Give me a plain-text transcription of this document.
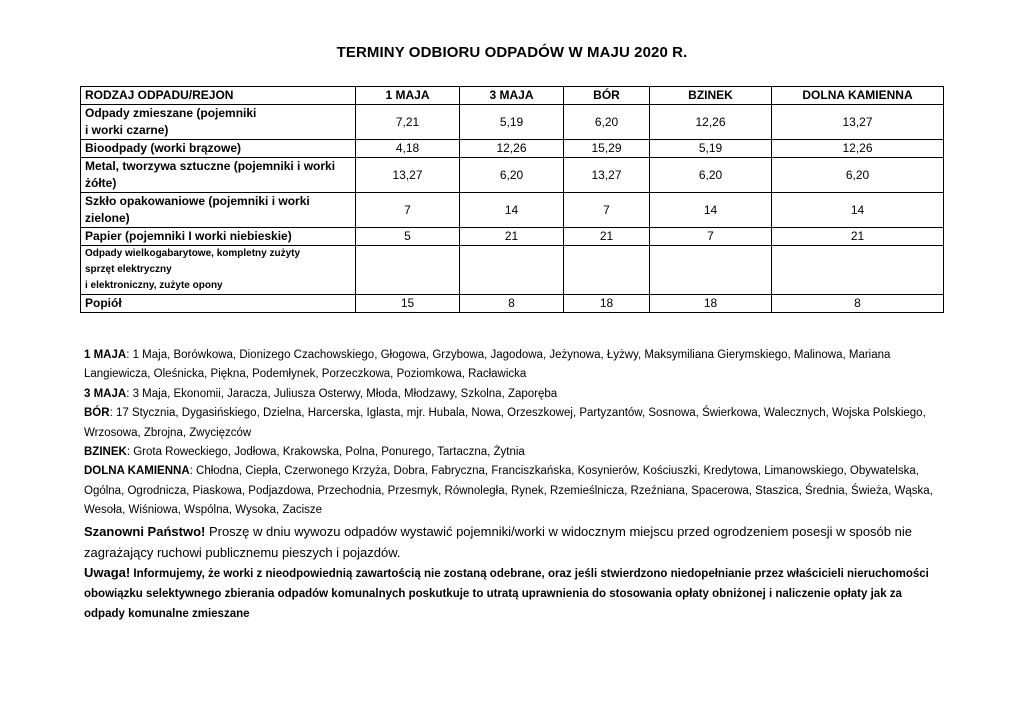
TERMINY ODBIORU ODPADÓW W MAJU 2020 R.
RODZAJ ODPADU/REJON	1 MAJA	3 MAJA	BÓR	BZINEK	DOLNA KAMIENNA

Odpady zmieszane (pojemniki
i worki czarne)	7,21	5,19	6,20	12,26	13,27

Bioodpady (worki brązowe)	4,18	12,26	15,29	5,19	12,26

Metal, tworzywa sztuczne (pojemniki i worki
żółte)	13,27	6,20	13,27	6,20	6,20

Szkło opakowaniowe (pojemniki i worki
zielone)	7	14	7	14	14

Papier (pojemniki I worki niebieskie)	5	21	21	7	21

Odpady wielkogabarytowe, kompletny zużyty
sprzęt elektryczny
i elektroniczny, zużyte opony					

Popiół	15	8	18	18	8

1 MAJA: 1 Maja, Borówkowa, Dionizego Czachowskiego, Głogowa, Grzybowa, Jagodowa, Jeżynowa, Łyżwy, Maksymiliana Gierymskiego, Malinowa, Mariana Langiewicza, Oleśnicka, Piękna, Podemłynek, Porzeczkowa, Poziomkowa, Racławicka

3 MAJA: 3 Maja, Ekonomii, Jaracza, Juliusza Osterwy, Młoda, Młodzawy, Szkolna, Zaporęba

BÓR: 17 Stycznia, Dygasińskiego, Dzielna, Harcerska, Iglasta, mjr. Hubala, Nowa, Orzeszkowej, Partyzantów, Sosnowa, Świerkowa, Walecznych, Wojska Polskiego, Wrzosowa, Zbrojna, Zwycięzców

BZINEK: Grota Roweckiego, Jodłowa, Krakowska, Polna, Ponurego, Tartaczna, Żytnia

DOLNA KAMIENNA: Chłodna, Ciepła, Czerwonego Krzyża, Dobra, Fabryczna, Franciszkańska, Kosynierów, Kościuszki, Kredytowa, Limanowskiego, Obywatelska, Ogólna, Ogrodnicza, Piaskowa, Podjazdowa, Przechodnia, Przesmyk, Równoległa, Rynek, Rzemieślnicza, Rzeźniana, Spacerowa, Staszica, Średnia, Świeża, Wąska, Wesoła, Wiśniowa, Wspólna, Wysoka, Zacisze

Szanowni Państwo! Proszę w dniu wywozu odpadów wystawić pojemniki/worki w widocznym miejscu przed ogrodzeniem posesji w sposób nie zagrażający ruchowi publicznemu pieszych i pojazdów.

Uwaga! Informujemy, że worki z nieodpowiednią zawartością nie zostaną odebrane, oraz jeśli stwierdzono niedopełnianie przez właścicieli nieruchomości obowiązku selektywnego zbierania odpadów komunalnych poskutkuje to utratą uprawnienia do stosowania opłaty obniżonej i naliczenie opłaty jak za odpady komunalne zmieszane
